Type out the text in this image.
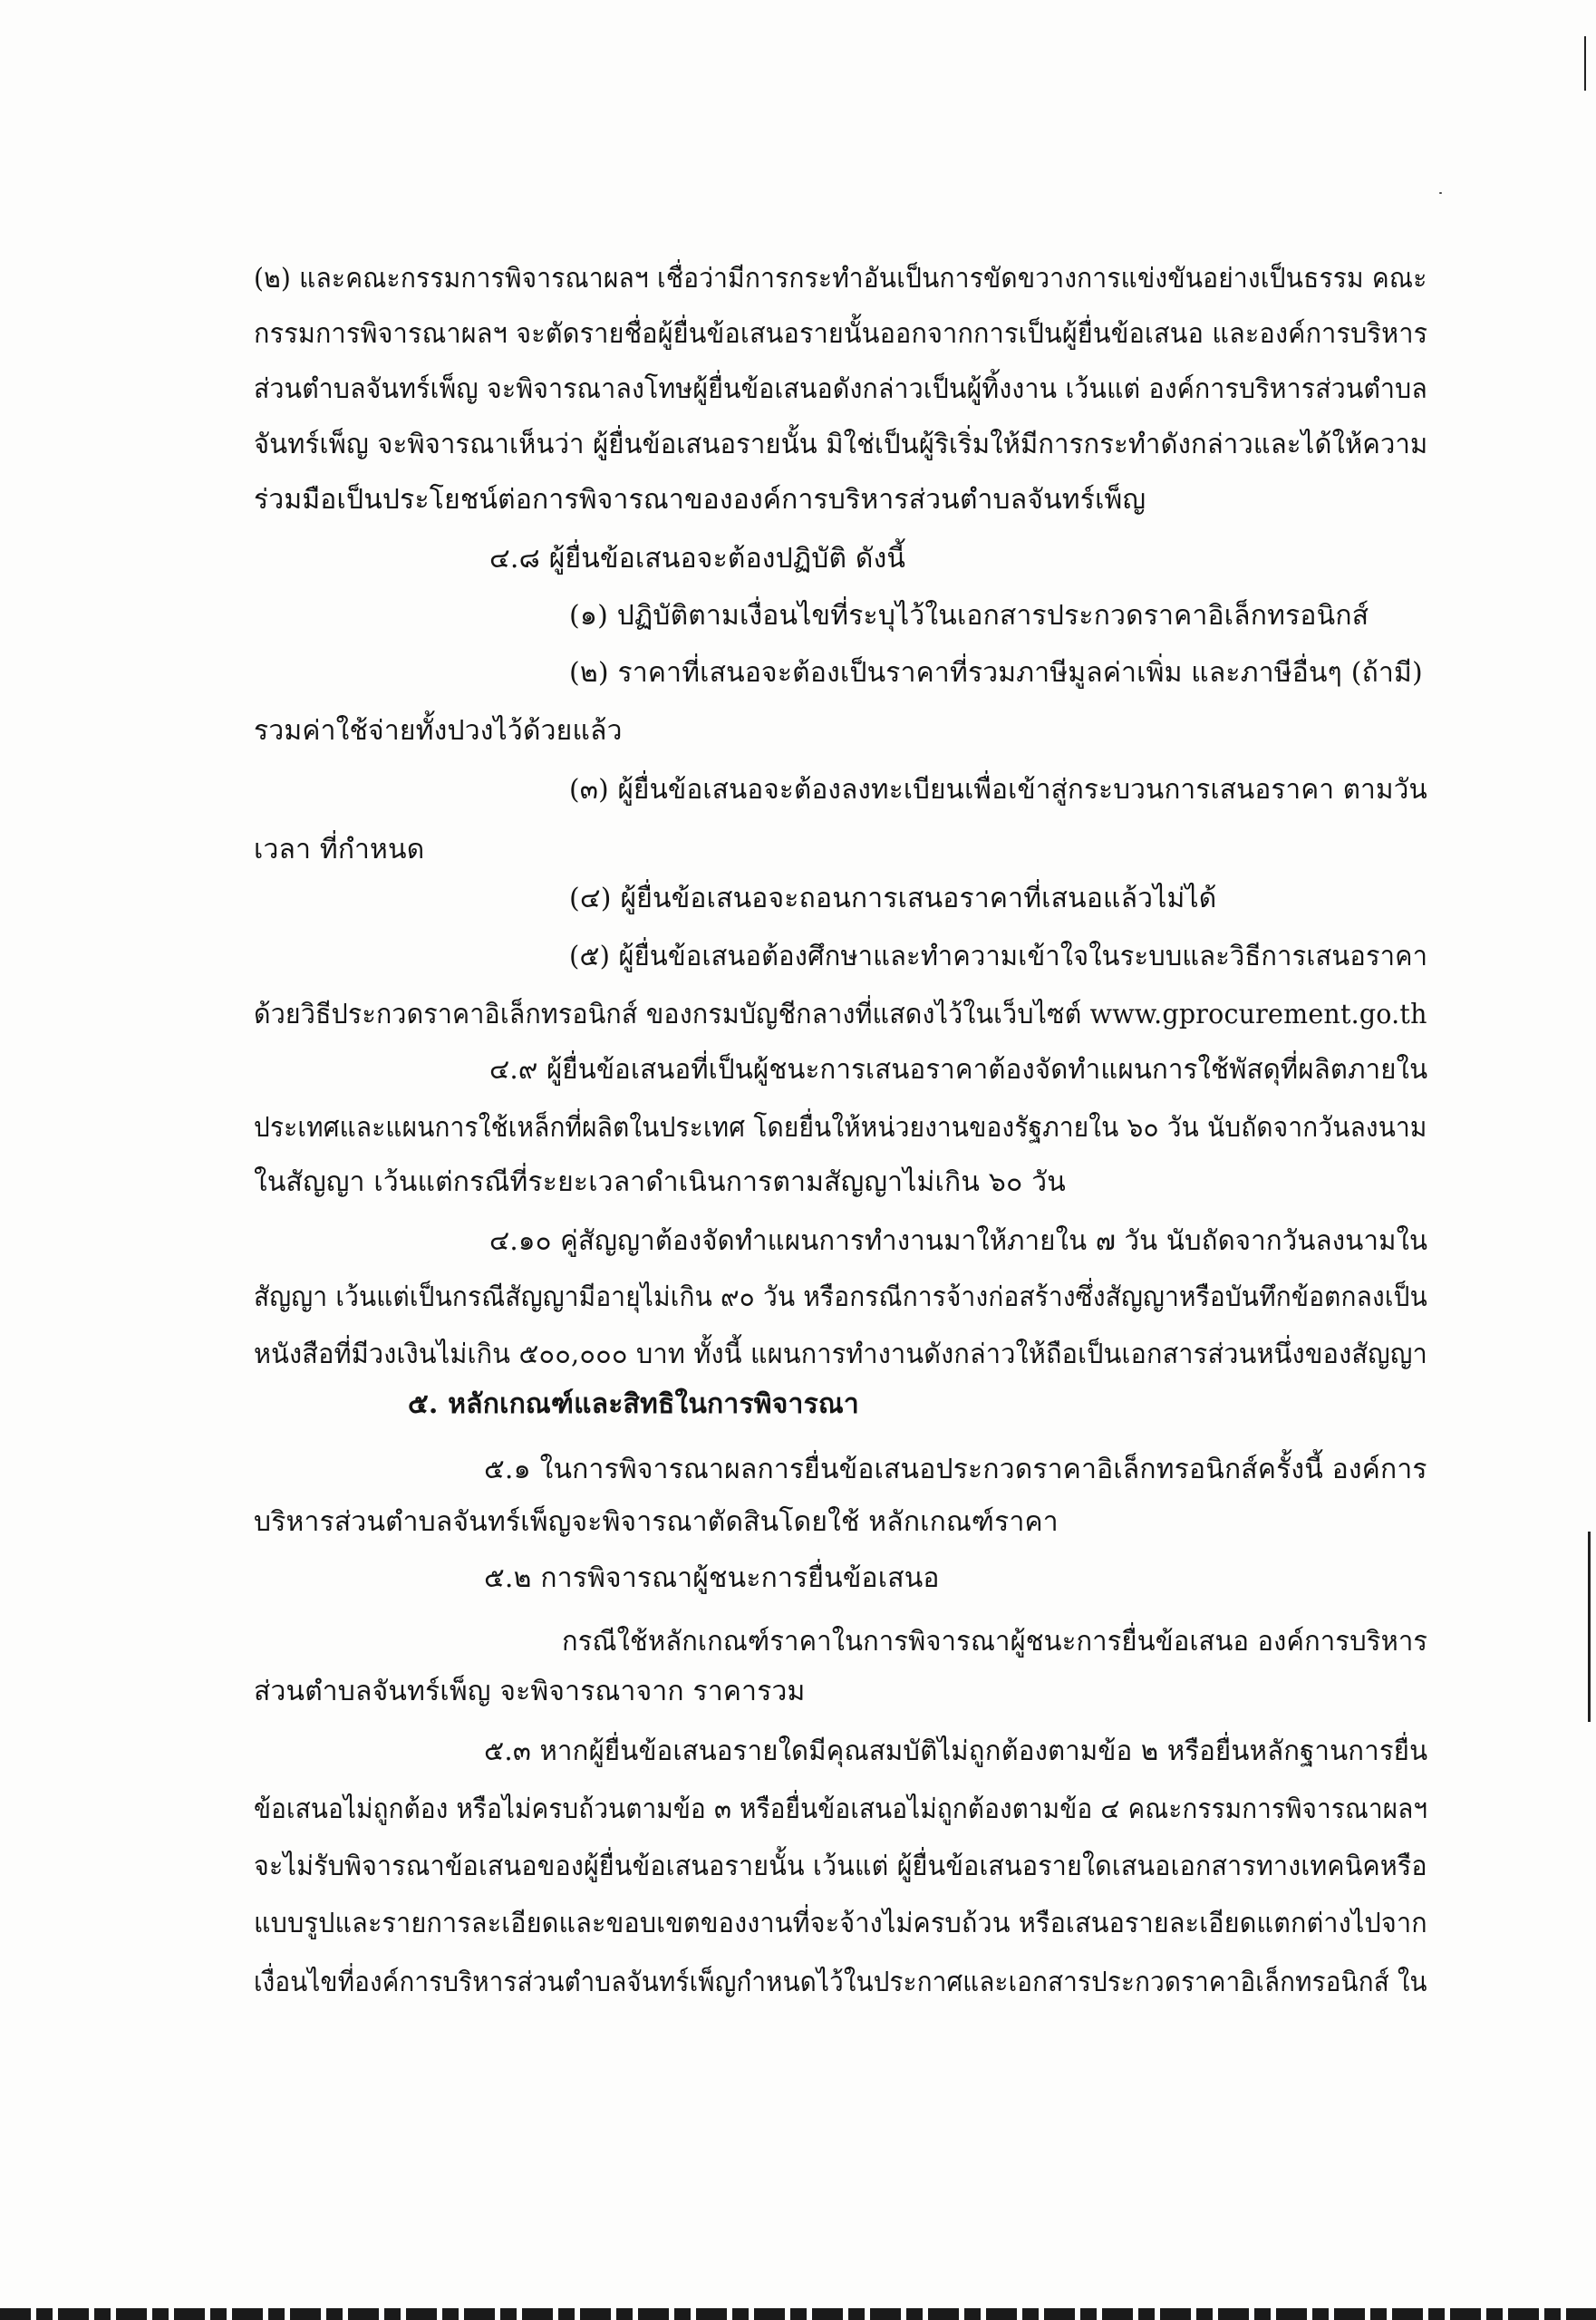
(๒) และคณะกรรมการพิจารณาผลฯ เชื่อว่ามีการกระทำอันเป็นการขัดขวางการแข่งขันอย่างเป็นธรรม คณะ
กรรมการพิจารณาผลฯ จะตัดรายชื่อผู้ยื่นข้อเสนอรายนั้นออกจากการเป็นผู้ยื่นข้อเสนอ และองค์การบริหาร
ส่วนตำบลจันทร์เพ็ญ จะพิจารณาลงโทษผู้ยื่นข้อเสนอดังกล่าวเป็นผู้ทิ้งงาน เว้นแต่ องค์การบริหารส่วนตำบล
จันทร์เพ็ญ จะพิจารณาเห็นว่า ผู้ยื่นข้อเสนอรายนั้น มิใช่เป็นผู้ริเริ่มให้มีการกระทำดังกล่าวและได้ให้ความ
ร่วมมือเป็นประโยชน์ต่อการพิจารณาขององค์การบริหารส่วนตำบลจันทร์เพ็ญ
๔.๘ ผู้ยื่นข้อเสนอจะต้องปฏิบัติ ดังนี้
(๑) ปฏิบัติตามเงื่อนไขที่ระบุไว้ในเอกสารประกวดราคาอิเล็กทรอนิกส์
(๒) ราคาที่เสนอจะต้องเป็นราคาที่รวมภาษีมูลค่าเพิ่ม และภาษีอื่นๆ (ถ้ามี)
รวมค่าใช้จ่ายทั้งปวงไว้ด้วยแล้ว
(๓) ผู้ยื่นข้อเสนอจะต้องลงทะเบียนเพื่อเข้าสู่กระบวนการเสนอราคา ตามวัน
เวลา ที่กำหนด
(๔) ผู้ยื่นข้อเสนอจะถอนการเสนอราคาที่เสนอแล้วไม่ได้
(๕) ผู้ยื่นข้อเสนอต้องศึกษาและทำความเข้าใจในระบบและวิธีการเสนอราคา
ด้วยวิธีประกวดราคาอิเล็กทรอนิกส์ ของกรมบัญชีกลางที่แสดงไว้ในเว็บไซต์ www.gprocurement.go.th
๔.๙ ผู้ยื่นข้อเสนอที่เป็นผู้ชนะการเสนอราคาต้องจัดทำแผนการใช้พัสดุที่ผลิตภายใน
ประเทศและแผนการใช้เหล็กที่ผลิตในประเทศ โดยยื่นให้หน่วยงานของรัฐภายใน ๖๐ วัน นับถัดจากวันลงนาม
ในสัญญา เว้นแต่กรณีที่ระยะเวลาดำเนินการตามสัญญาไม่เกิน ๖๐ วัน
๔.๑๐ คู่สัญญาต้องจัดทำแผนการทำงานมาให้ภายใน ๗ วัน นับถัดจากวันลงนามใน
สัญญา เว้นแต่เป็นกรณีสัญญามีอายุไม่เกิน ๙๐ วัน หรือกรณีการจ้างก่อสร้างซึ่งสัญญาหรือบันทึกข้อตกลงเป็น
หนังสือที่มีวงเงินไม่เกิน ๕๐๐,๐๐๐ บาท ทั้งนี้ แผนการทำงานดังกล่าวให้ถือเป็นเอกสารส่วนหนึ่งของสัญญา
๕. หลักเกณฑ์และสิทธิในการพิจารณา
๕.๑ ในการพิจารณาผลการยื่นข้อเสนอประกวดราคาอิเล็กทรอนิกส์ครั้งนี้ องค์การ
บริหารส่วนตำบลจันทร์เพ็ญจะพิจารณาตัดสินโดยใช้ หลักเกณฑ์ราคา
๕.๒ การพิจารณาผู้ชนะการยื่นข้อเสนอ
กรณีใช้หลักเกณฑ์ราคาในการพิจารณาผู้ชนะการยื่นข้อเสนอ องค์การบริหาร
ส่วนตำบลจันทร์เพ็ญ จะพิจารณาจาก ราคารวม
๕.๓ หากผู้ยื่นข้อเสนอรายใดมีคุณสมบัติไม่ถูกต้องตามข้อ ๒ หรือยื่นหลักฐานการยื่น
ข้อเสนอไม่ถูกต้อง หรือไม่ครบถ้วนตามข้อ ๓ หรือยื่นข้อเสนอไม่ถูกต้องตามข้อ ๔ คณะกรรมการพิจารณาผลฯ
จะไม่รับพิจารณาข้อเสนอของผู้ยื่นข้อเสนอรายนั้น เว้นแต่ ผู้ยื่นข้อเสนอรายใดเสนอเอกสารทางเทคนิคหรือ
แบบรูปและรายการละเอียดและขอบเขตของงานที่จะจ้างไม่ครบถ้วน หรือเสนอรายละเอียดแตกต่างไปจาก
เงื่อนไขที่องค์การบริหารส่วนตำบลจันทร์เพ็ญกำหนดไว้ในประกาศและเอกสารประกวดราคาอิเล็กทรอนิกส์ ใน
